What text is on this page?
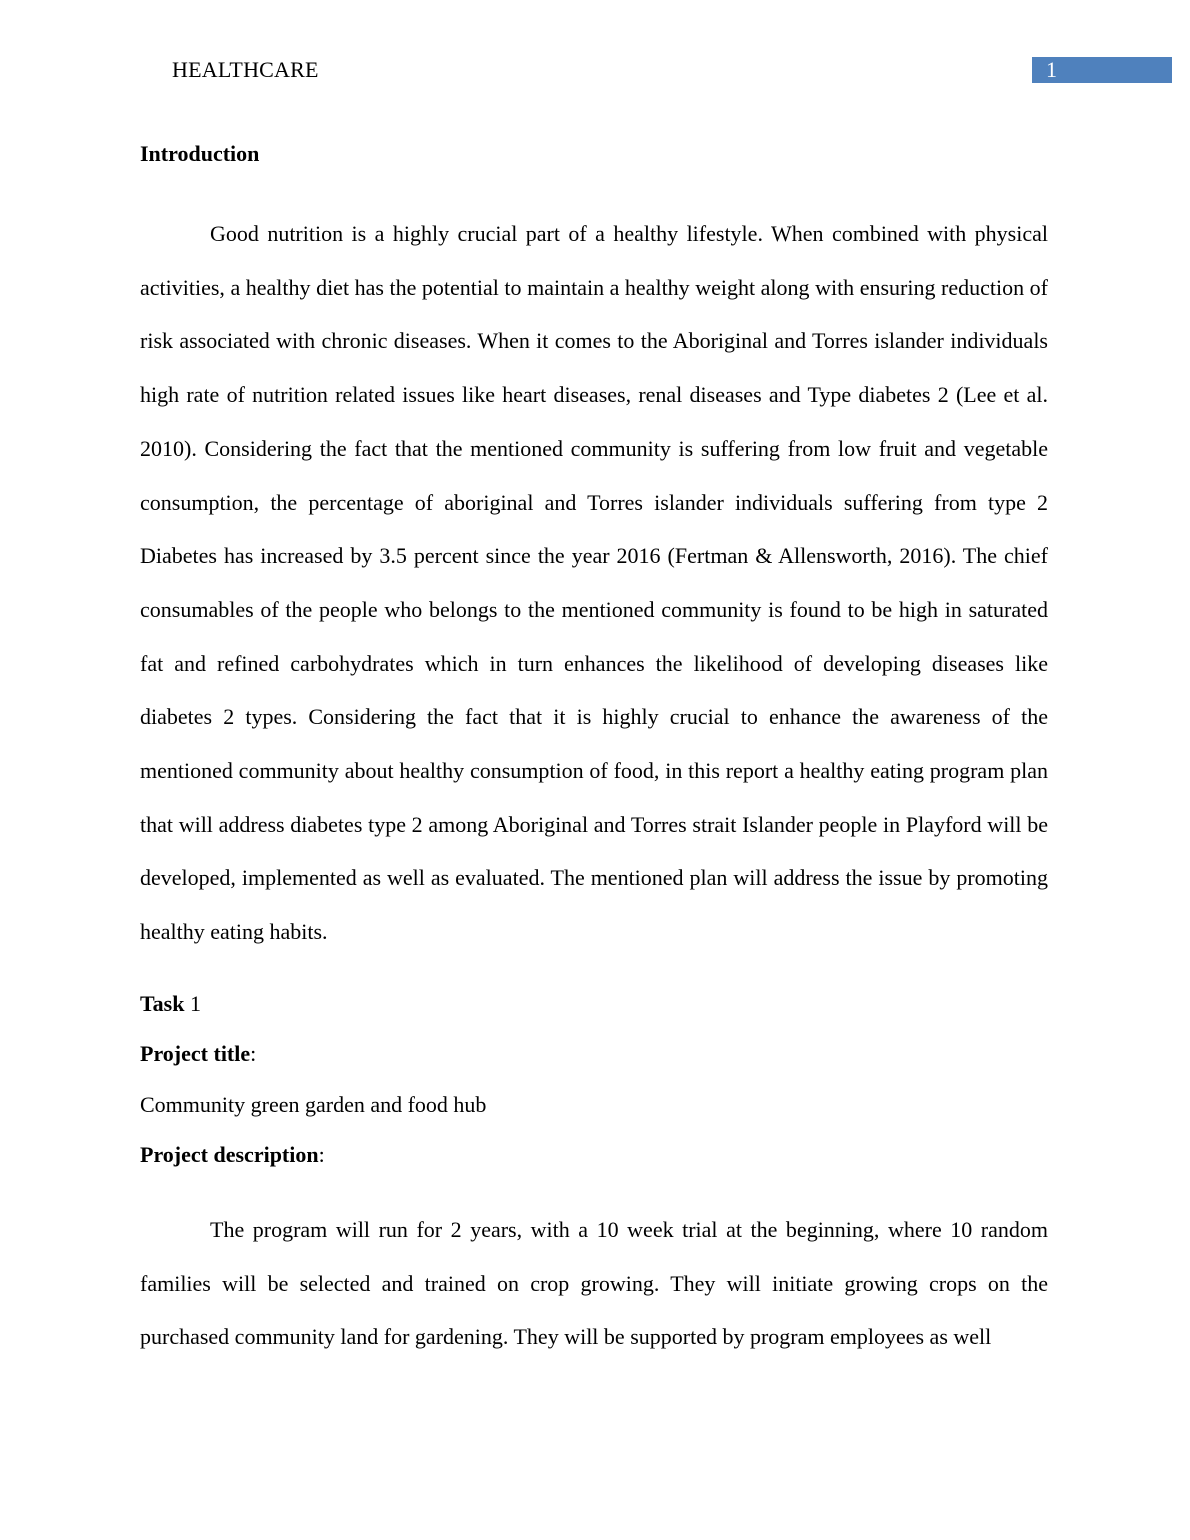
HEALTHCARE	1

Introduction

Good nutrition is a highly crucial part of a healthy lifestyle. When combined with physical activities, a healthy diet has the potential to maintain a healthy weight along with ensuring reduction of risk associated with chronic diseases. When it comes to the Aboriginal and Torres islander individuals high rate of nutrition related issues like heart diseases, renal diseases and Type diabetes 2 (Lee et al. 2010). Considering the fact that the mentioned community is suffering from low fruit and vegetable consumption, the percentage of aboriginal and Torres islander individuals suffering from type 2 Diabetes has increased by 3.5 percent since the year 2016 (Fertman & Allensworth, 2016). The chief consumables of the people who belongs to the mentioned community is found to be high in saturated fat and refined carbohydrates which in turn enhances the likelihood of developing diseases like diabetes 2 types. Considering the fact that it is highly crucial to enhance the awareness of the mentioned community about healthy consumption of food, in this report a healthy eating program plan that will address diabetes type 2 among Aboriginal and Torres strait Islander people in Playford will be developed, implemented as well as evaluated. The mentioned plan will address the issue by promoting healthy eating habits.

Task 1

Project title:

Community green garden and food hub

Project description:

The program will run for 2 years, with a 10 week trial at the beginning, where 10 random families will be selected and trained on crop growing. They will initiate growing crops on the purchased community land for gardening. They will be supported by program employees as well
